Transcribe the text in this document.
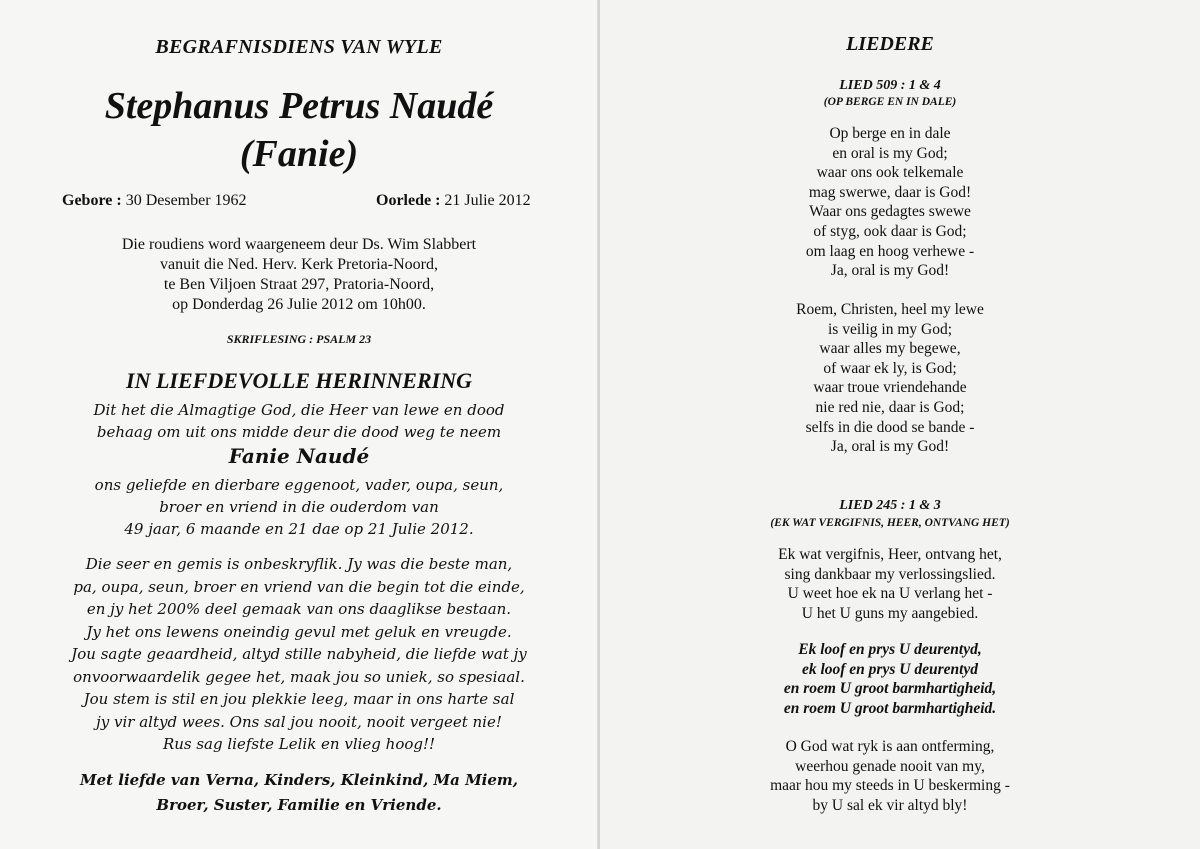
BEGRAFNISDIENS VAN WYLE
Stephanus Petrus Naudé
(Fanie)
Gebore : 30 Desember 1962	Oorlede : 21 Julie 2012
Die roudiens word waargeneem deur Ds. Wim Slabbert
vanuit die Ned. Herv. Kerk Pretoria-Noord,
te Ben Viljoen Straat 297, Pratoria-Noord,
op Donderdag 26 Julie 2012 om 10h00.
SKRIFLESING : PSALM 23
IN LIEFDEVOLLE HERINNERING
Dit het die Almagtige God, die Heer van lewe en dood
behaag om uit ons midde deur die dood weg te neem
Fanie Naudé
ons geliefde en dierbare eggenoot, vader, oupa, seun,
broer en vriend in die ouderdom van
49 jaar, 6 maande en 21 dae op 21 Julie 2012.
Die seer en gemis is onbeskryflik. Jy was die beste man,
pa, oupa, seun, broer en vriend van die begin tot die einde,
en jy het 200% deel gemaak van ons daaglikse bestaan.
Jy het ons lewens oneindig gevul met geluk en vreugde.
Jou sagte geaardheid, altyd stille nabyheid, die liefde wat jy
onvoorwaardelik gegee het, maak jou so uniek, so spesiaal.
Jou stem is stil en jou plekkie leeg, maar in ons harte sal
jy vir altyd wees. Ons sal jou nooit, nooit vergeet nie!
Rus sag liefste Lelik en vlieg hoog!!
Met liefde van Verna, Kinders, Kleinkind, Ma Miem,
Broer, Suster, Familie en Vriende.
LIEDERE
LIED 509 : 1 & 4
(OP BERGE EN IN DALE)
Op berge en in dale
en oral is my God;
waar ons ook telkemale
mag swerwe, daar is God!
Waar ons gedagtes swewe
of styg, ook daar is God;
om laag en hoog verhewe -
Ja, oral is my God!
Roem, Christen, heel my lewe
is veilig in my God;
waar alles my begewe,
of waar ek ly, is God;
waar troue vriendehande
nie red nie, daar is God;
selfs in die dood se bande -
Ja, oral is my God!
LIED 245 : 1 & 3
(EK WAT VERGIFNIS, HEER, ONTVANG HET)
Ek wat vergifnis, Heer, ontvang het,
sing dankbaar my verlossingslied.
U weet hoe ek na U verlang het -
U het U guns my aangebied.
Ek loof en prys U deurentyd,
ek loof en prys U deurentyd
en roem U groot barmhartigheid,
en roem U groot barmhartigheid.
O God wat ryk is aan ontferming,
weerhou genade nooit van my,
maar hou my steeds in U beskerming -
by U sal ek vir altyd bly!
